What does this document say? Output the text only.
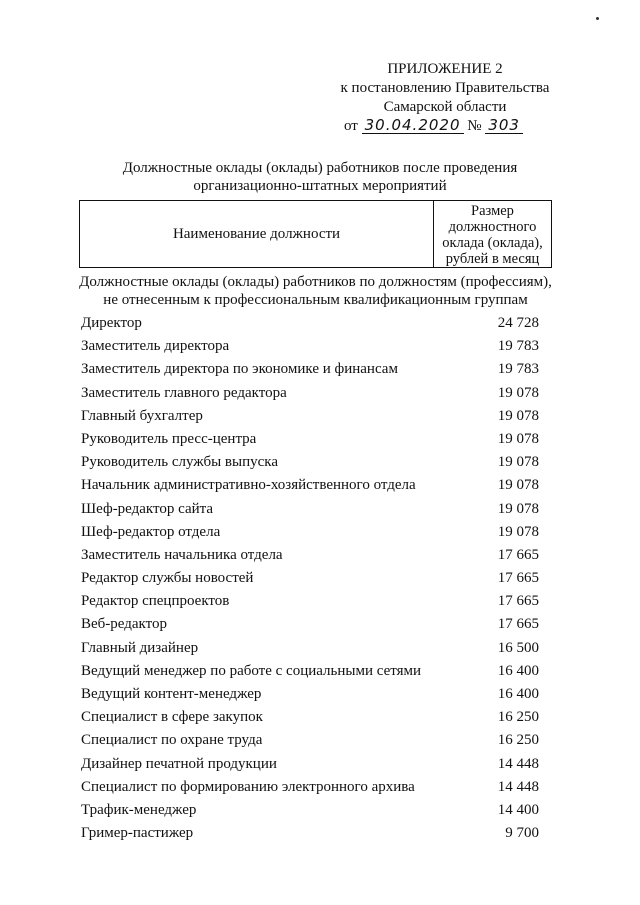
ПРИЛОЖЕНИЕ 2
к постановлению Правительства
Самарской области
от 30.04.2020 № 303
Должностные оклады (оклады) работников после проведения
организационно-штатных мероприятий
Наименование должности
Размер
должностного
оклада (оклада),
рублей в месяц
Должностные оклады (оклады) работников по должностям (профессиям),
не отнесенным к профессиональным квалификационным группам
Директор	24 728
Заместитель директора	19 783
Заместитель директора по экономике и финансам	19 783
Заместитель главного редактора	19 078
Главный бухгалтер	19 078
Руководитель пресс-центра	19 078
Руководитель службы выпуска	19 078
Начальник административно-хозяйственного отдела	19 078
Шеф-редактор сайта	19 078
Шеф-редактор отдела	19 078
Заместитель начальника отдела	17 665
Редактор службы новостей	17 665
Редактор спецпроектов	17 665
Веб-редактор	17 665
Главный дизайнер	16 500
Ведущий менеджер по работе с социальными сетями	16 400
Ведущий контент-менеджер	16 400
Специалист в сфере закупок	16 250
Специалист по охране труда	16 250
Дизайнер печатной продукции	14 448
Специалист по формированию электронного архива	14 448
Трафик-менеджер	14 400
Гример-пастижер	9 700
